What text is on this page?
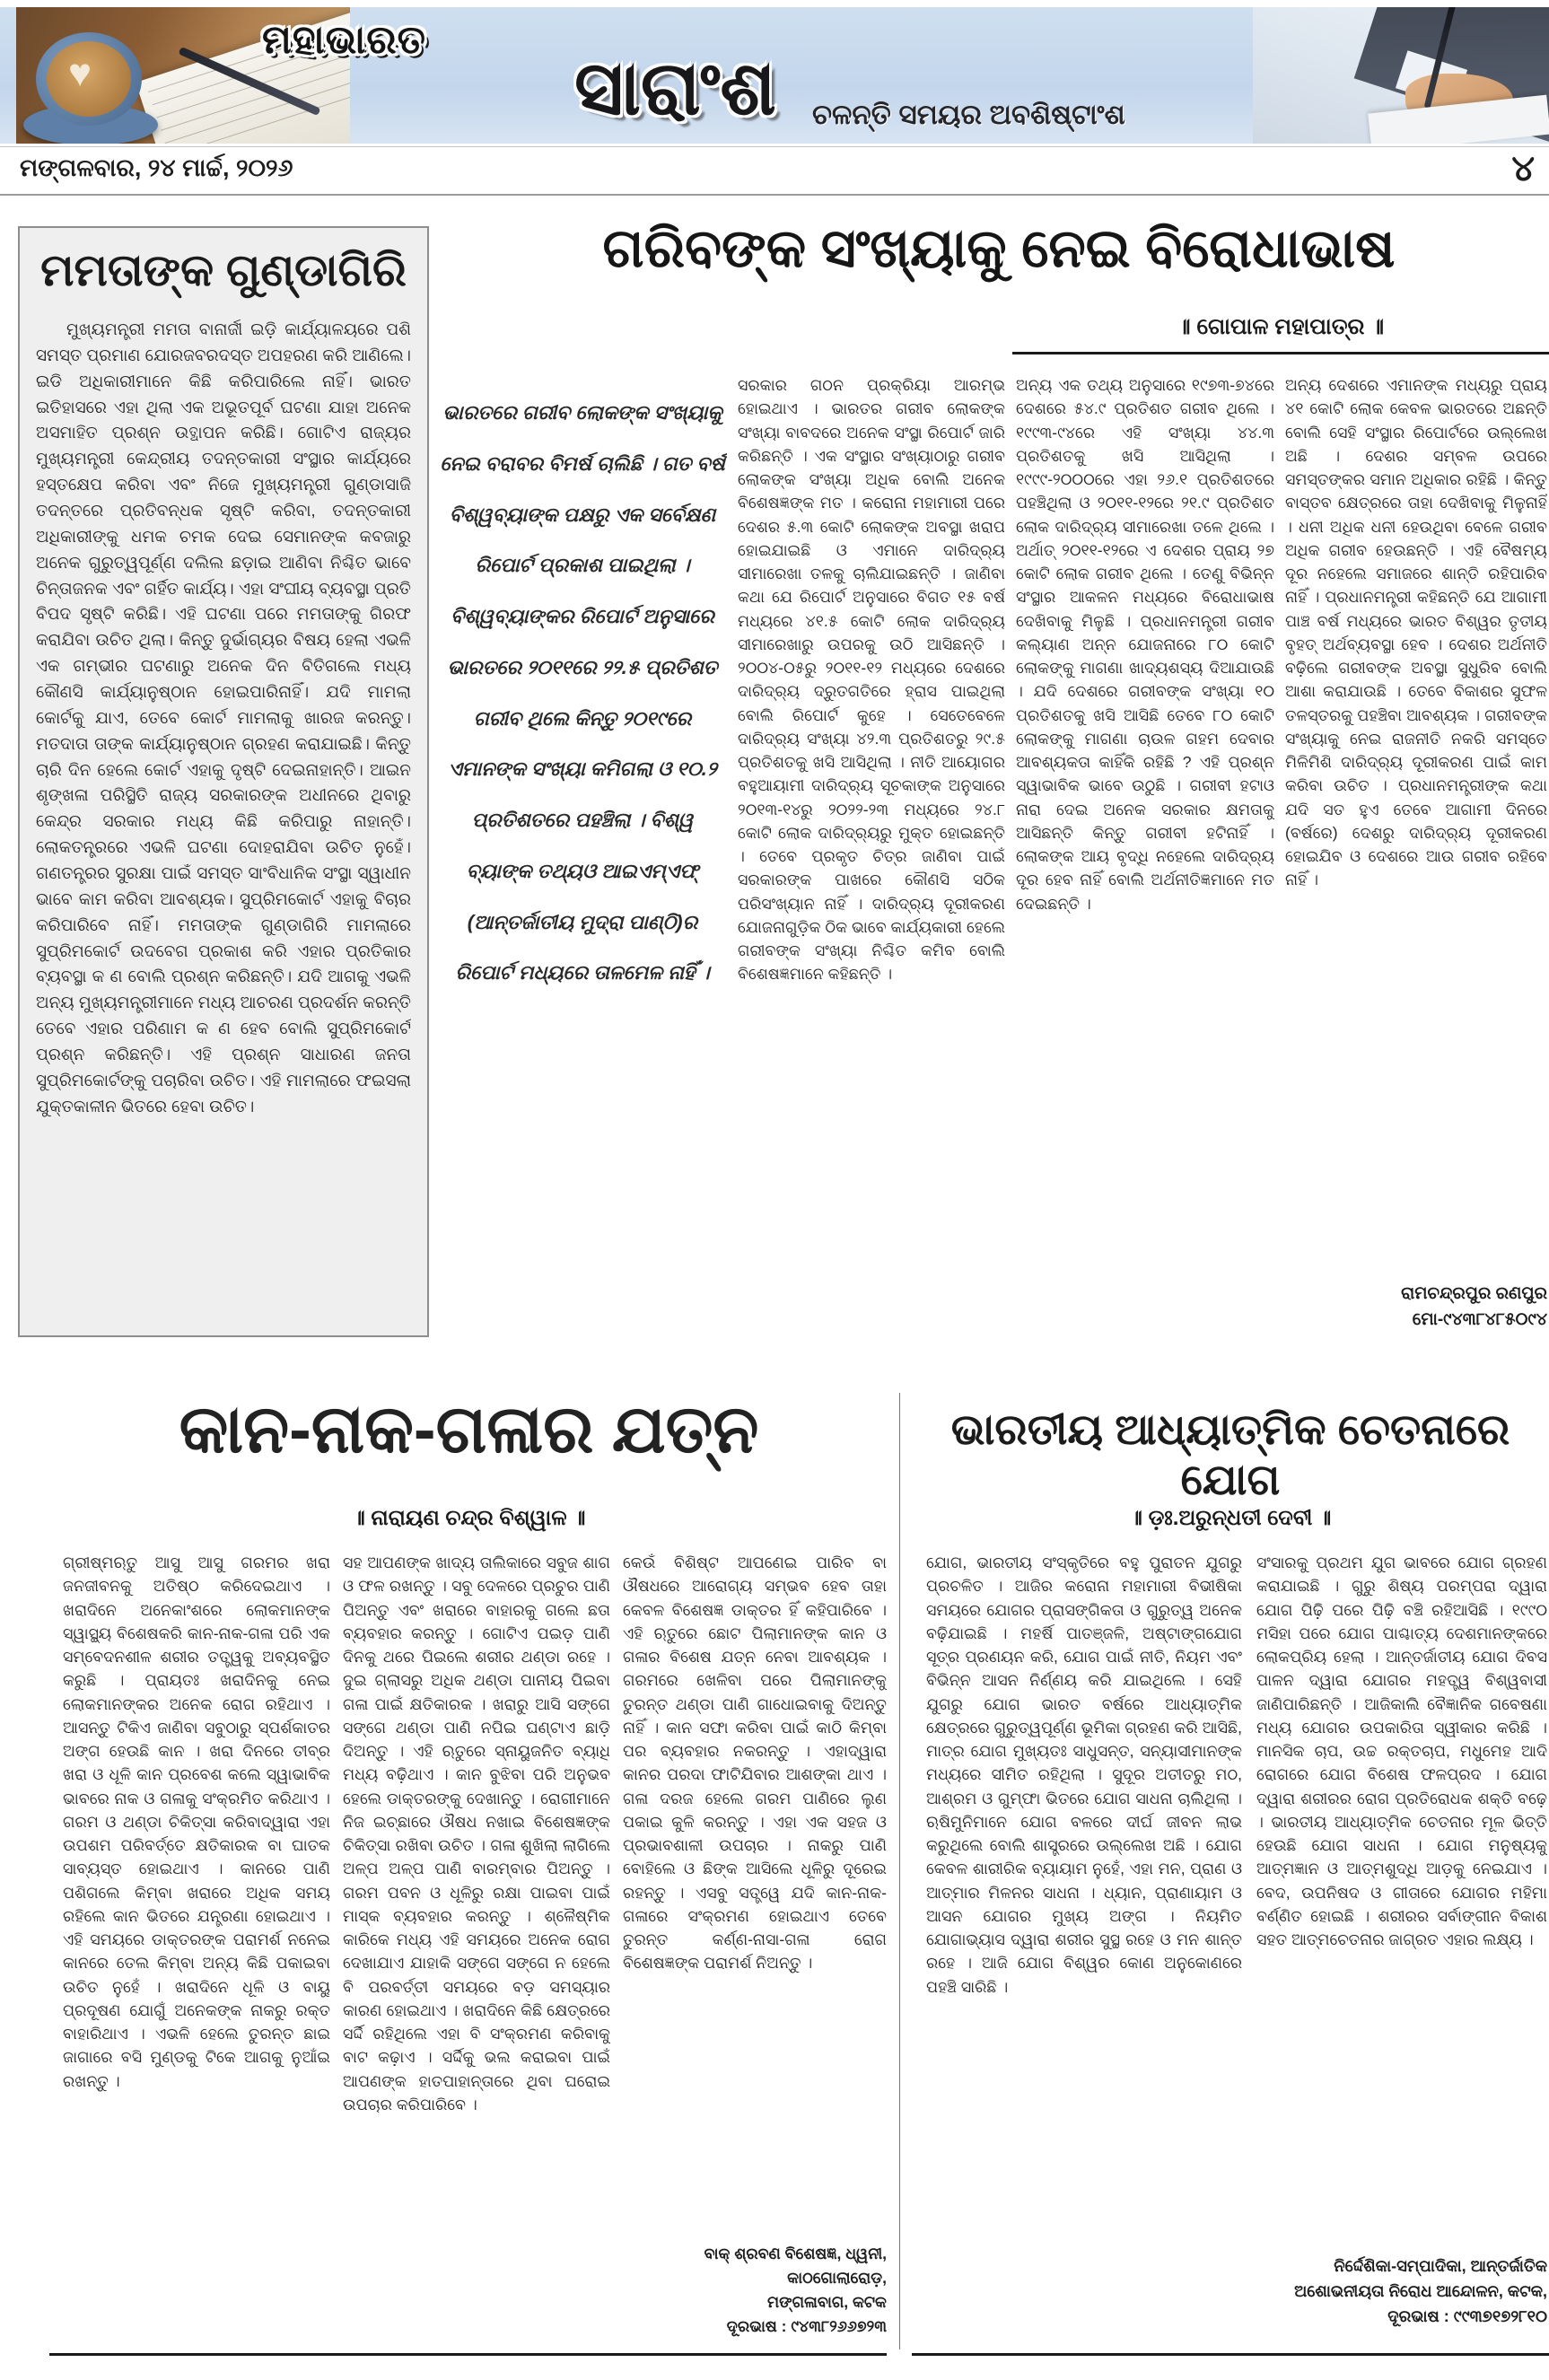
♥
ମହାଭାରତ
ସାରାଂଶ ଚଳନ୍ତି ସମୟର ଅବଶିଷ୍ଟାଂଶ
ମଙ୍ଗଳବାର, ୨୪ ମାର୍ଚ୍ଚ, ୨୦୨୬	୪
ମମତାଙ୍କ ଗୁଣ୍ଡାଗିରି
ମୁଖ୍ୟମନ୍ତ୍ରୀ ମମତା ବାନାର୍ଜୀ ଇଡ଼ି କାର୍ଯ୍ୟାଳୟରେ ପଶି ସମସ୍ତ ପ୍ରମାଣ ଯୋରଜବରଦସ୍ତ ଅପହରଣ କରି ଆଣିଲେ। ଇଡି ଅଧିକାରୀମାନେ କିଛି କରିପାରିଲେ ନାହିଁ। ଭାରତ ଇତିହାସରେ ଏହା ଥିଲା ଏକ ଅଭୂତପୂର୍ବ ଘଟଣା ଯାହା ଅନେକ ଅସମାହିତ ପ୍ରଶ୍ନ ଉତ୍ଥାପନ କରିଛି। ଗୋଟିଏ ରାଜ୍ୟର ମୁଖ୍ୟମନ୍ତ୍ରୀ କେନ୍ଦ୍ରୀୟ ତଦନ୍ତକାରୀ ସଂସ୍ଥାର କାର୍ଯ୍ୟରେ ହସ୍ତକ୍ଷେପ କରିବା ଏବଂ ନିଜେ ମୁଖ୍ୟମନ୍ତ୍ରୀ ଗୁଣ୍ଡାସାଜି ତଦନ୍ତରେ ପ୍ରତିବନ୍ଧକ ସୃଷ୍ଟି କରିବା, ତଦନ୍ତକାରୀ ଅଧିକାରୀଙ୍କୁ ଧମକ ଚମକ ଦେଇ ସେମାନଙ୍କ କବଜାରୁ ଅନେକ ଗୁରୁତ୍ୱପୂର୍ଣ୍ଣ ଦଲିଲ ଛଡ଼ାଇ ଆଣିବା ନିଶ୍ଚିତ ଭାବେ ଚିନ୍ତାଜନକ ଏବଂ ଗର୍ହିତ କାର୍ଯ୍ୟ। ଏହା ସଂଘୀୟ ବ୍ୟବସ୍ଥା ପ୍ରତି ବିପଦ ସୃଷ୍ଟି କରିଛି। ଏହି ଘଟଣା ପରେ ମମତାଙ୍କୁ ଗିରଫ କରାଯିବା ଉଚିତ ଥିଲା। କିନ୍ତୁ ଦୁର୍ଭାଗ୍ୟର ବିଷୟ ହେଲା ଏଭଳି ଏକ ଗମ୍ଭୀର ଘଟଣାରୁ ଅନେକ ଦିନ ବିତିଗଲେ ମଧ୍ୟ କୌଣସି କାର୍ଯ୍ୟାନୁଷ୍ଠାନ ହୋଇପାରିନାହିଁ। ଯଦି ମାମଲା କୋର୍ଟକୁ ଯାଏ, ତେବେ କୋର୍ଟ ମାମଲାକୁ ଖାରଜ କରନ୍ତୁ। ମତଦାତା ତାଙ୍କ କାର୍ଯ୍ୟାନୁଷ୍ଠାନ ଗ୍ରହଣ କରାଯାଇଛି। କିନ୍ତୁ ଚାରି ଦିନ ହେଲେ କୋର୍ଟ ଏହାକୁ ଦୃଷ୍ଟି ଦେଇନାହାନ୍ତି। ଆଇନ ଶୃଙ୍ଖଳା ପରିସ୍ଥିତି ରାଜ୍ୟ ସରକାରଙ୍କ ଅଧୀନରେ ଥିବାରୁ କେନ୍ଦ୍ର ସରକାର ମଧ୍ୟ କିଛି କରିପାରୁ ନାହାନ୍ତି। ଲୋକତନ୍ତ୍ରରେ ଏଭଳି ଘଟଣା ଦୋହରାଯିବା ଉଚିତ ନୁହେଁ। ଗଣତନ୍ତ୍ରର ସୁରକ୍ଷା ପାଇଁ ସମସ୍ତ ସାଂବିଧାନିକ ସଂସ୍ଥା ସ୍ୱାଧୀନ ଭାବେ କାମ କରିବା ଆବଶ୍ୟକ। ସୁପ୍ରିମକୋର୍ଟ ଏହାକୁ ବିଚାର କରିପାରିବେ ନାହିଁ। ମମତାଙ୍କ ଗୁଣ୍ଡାଗିରି ମାମଲାରେ ସୁପ୍ରିମକୋର୍ଟ ଉଦବେଗ ପ୍ରକାଶ କରି ଏହାର ପ୍ରତିକାର ବ୍ୟବସ୍ଥା କ ଣ ବୋଲି ପ୍ରଶ୍ନ କରିଛନ୍ତି। ଯଦି ଆଗକୁ ଏଭଳି ଅନ୍ୟ ମୁଖ୍ୟମନ୍ତ୍ରୀମାନେ ମଧ୍ୟ ଆଚରଣ ପ୍ରଦର୍ଶନ କରନ୍ତି ତେବେ ଏହାର ପରିଣାମ କ ଣ ହେବ ବୋଲି ସୁପ୍ରିମକୋର୍ଟ ପ୍ରଶ୍ନ କରିଛନ୍ତି। ଏହି ପ୍ରଶ୍ନ ସାଧାରଣ ଜନତା ସୁପ୍ରିମକୋର୍ଟଙ୍କୁ ପଚାରିବା ଉଚିତ। ଏହି ମାମଲାରେ ଫଇସଲା ଯୁକ୍ତକାଳୀନ ଭିତରେ ହେବା ଉଚିତ।
ଗରିବଙ୍କ ସଂଖ୍ୟାକୁ ନେଇ ବିରୋଧାଭାଷ
॥ ଗୋପାଳ ମହାପାତ୍ର ॥
ଭାରତରେ ଗରୀବ ଲୋକଙ୍କ ସଂଖ୍ୟାକୁ ନେଇ ବରାବର ବିମର୍ଷ ଚାଲିଛି । ଗତ ବର୍ଷ ବିଶ୍ୱବ୍ୟାଙ୍କ ପକ୍ଷରୁ ଏକ ସର୍ବେକ୍ଷଣ ରିପୋର୍ଟ ପ୍ରକାଶ ପାଇଥିଲା । ବିଶ୍ୱବ୍ୟାଙ୍କର ରିପୋର୍ଟ ଅନୁସାରେ ଭାରତରେ ୨୦୧୧ରେ ୨୨.୫ ପ୍ରତିଶତ ଗରୀବ ଥିଲେ କିନ୍ତୁ ୨୦୧୯ରେ ଏମାନଙ୍କ ସଂଖ୍ୟା କମିଗଲା ଓ ୧୦.୨ ପ୍ରତିଶତରେ ପହଞ୍ଚିଲା । ବିଶ୍ୱ ବ୍ୟାଙ୍କ ତଥ୍ୟଓ ଆଇଏମ୍ଏଫ୍ (ଆନ୍ତର୍ଜାତୀୟ ମୁଦ୍ରା ପାଣ୍ଠି)ର ରିପୋର୍ଟ ମଧ୍ୟରେ ତାଳମେଳ ନାହିଁ ।
ସରକାର ଗଠନ ପ୍ରକ୍ରିୟା ଆରମ୍ଭ ହୋଇଥାଏ । ଭାରତର ଗରୀବ ଲୋକଙ୍କ ସଂଖ୍ୟା ବାବଦରେ ଅନେକ ସଂସ୍ଥା ରିପୋର୍ଟ ଜାରି କରିଛନ୍ତି । ଏକ ସଂସ୍ଥାର ସଂଖ୍ୟାଠାରୁ ଗରୀବ ଲୋକଙ୍କ ସଂଖ୍ୟା ଅଧିକ ବୋଲି ଅନେକ ବିଶେଷଜ୍ଞଙ୍କ ମତ । କରୋନା ମହାମାରୀ ପରେ ଦେଶର ୫.୩ କୋଟି ଲୋକଙ୍କ ଅବସ୍ଥା ଖରାପ ହୋଇଯାଇଛି ଓ ଏମାନେ ଦାରିଦ୍ର୍ୟ ସୀମାରେଖା ତଳକୁ ଚାଲିଯାଇଛନ୍ତି । ଜାଣିବା କଥା ଯେ ରିପୋର୍ଟ ଅନୁସାରେ ବିଗତ ୧୫ ବର୍ଷ ମଧ୍ୟରେ ୪୧.୫ କୋଟି ଲୋକ ଦାରିଦ୍ର୍ୟ ସୀମାରେଖାରୁ ଉପରକୁ ଉଠି ଆସିଛନ୍ତି । ୨୦୦୪-୦୫ରୁ ୨୦୧୧-୧୨ ମଧ୍ୟରେ ଦେଶରେ ଦାରିଦ୍ର୍ୟ ଦ୍ରୁତଗତିରେ ହ୍ରାସ ପାଇଥିଲା ବୋଲି ରିପୋର୍ଟ କୁହେ । ସେତେବେଳେ ଦାରିଦ୍ର୍ୟ ସଂଖ୍ୟା ୪୨.୩ ପ୍ରତିଶତରୁ ୨୯.୫ ପ୍ରତିଶତକୁ ଖସି ଆସିଥିଲା । ନୀତି ଆୟୋଗର ବହୁଆୟାମୀ ଦାରିଦ୍ର୍ୟ ସୂଚକାଙ୍କ ଅନୁସାରେ ୨୦୧୩-୧୪ରୁ ୨୦୨୨-୨୩ ମଧ୍ୟରେ ୨୪.୮ କୋଟି ଲୋକ ଦାରିଦ୍ର୍ୟରୁ ମୁକ୍ତ ହୋଇଛନ୍ତି । ତେବେ ପ୍ରକୃତ ଚିତ୍ର ଜାଣିବା ପାଇଁ ସରକାରଙ୍କ ପାଖରେ କୌଣସି ସଠିକ ପରିସଂଖ୍ୟାନ ନାହିଁ । ଦାରିଦ୍ର୍ୟ ଦୂରୀକରଣ ଯୋଜନାଗୁଡ଼ିକ ଠିକ ଭାବେ କାର୍ଯ୍ୟକାରୀ ହେଲେ ଗରୀବଙ୍କ ସଂଖ୍ୟା ନିଶ୍ଚିତ କମିବ ବୋଲି ବିଶେଷଜ୍ଞମାନେ କହିଛନ୍ତି ।
ଅନ୍ୟ ଏକ ତଥ୍ୟ ଅନୁସାରେ ୧୯୭୩-୭୪ରେ ଦେଶରେ ୫୪.୯ ପ୍ରତିଶତ ଗରୀବ ଥିଲେ । ୧୯୯୩-୯୪ରେ ଏହି ସଂଖ୍ୟା ୪୪.୩ ପ୍ରତିଶତକୁ ଖସି ଆସିଥିଲା । ୧୯୯୯-୨୦୦୦ରେ ଏହା ୨୬.୧ ପ୍ରତିଶତରେ ପହଞ୍ଚିଥିଲା ଓ ୨୦୧୧-୧୨ରେ ୨୧.୯ ପ୍ରତିଶତ ଲୋକ ଦାରିଦ୍ର୍ୟ ସୀମାରେଖା ତଳେ ଥିଲେ । ଅର୍ଥାତ୍ ୨୦୧୧-୧୨ରେ ଏ ଦେଶର ପ୍ରାୟ ୨୭ କୋଟି ଲୋକ ଗରୀବ ଥିଲେ । ତେଣୁ ବିଭିନ୍ନ ସଂସ୍ଥାର ଆକଳନ ମଧ୍ୟରେ ବିରୋଧାଭାଷ ଦେଖିବାକୁ ମିଳୁଛି । ପ୍ରଧାନମନ୍ତ୍ରୀ ଗରୀବ କଲ୍ୟାଣ ଅନ୍ନ ଯୋଜନାରେ ୮୦ କୋଟି ଲୋକଙ୍କୁ ମାଗଣା ଖାଦ୍ୟଶସ୍ୟ ଦିଆଯାଉଛି । ଯଦି ଦେଶରେ ଗରୀବଙ୍କ ସଂଖ୍ୟା ୧୦ ପ୍ରତିଶତକୁ ଖସି ଆସିଛି ତେବେ ୮୦ କୋଟି ଲୋକଙ୍କୁ ମାଗଣା ଚାଉଳ ଗହମ ଦେବାର ଆବଶ୍ୟକତା କାହିଁକି ରହିଛି ? ଏହି ପ୍ରଶ୍ନ ସ୍ୱାଭାବିକ ଭାବେ ଉଠୁଛି । ଗରୀବୀ ହଟାଓ ନାରା ଦେଇ ଅନେକ ସରକାର କ୍ଷମତାକୁ ଆସିଛନ୍ତି କିନ୍ତୁ ଗରୀବୀ ହଟିନାହିଁ । ଲୋକଙ୍କ ଆୟ ବୃଦ୍ଧି ନହେଲେ ଦାରିଦ୍ର୍ୟ ଦୂର ହେବ ନାହିଁ ବୋଲି ଅର୍ଥନୀତିଜ୍ଞମାନେ ମତ ଦେଇଛନ୍ତି ।
ଅନ୍ୟ ଦେଶରେ ଏମାନଙ୍କ ମଧ୍ୟରୁ ପ୍ରାୟ ୪୧ କୋଟି ଲୋକ କେବଳ ଭାରତରେ ଅଛନ୍ତି ବୋଲି ସେହି ସଂସ୍ଥାର ରିପୋର୍ଟରେ ଉଲ୍ଲେଖ ଅଛି । ଦେଶର ସମ୍ବଳ ଉପରେ ସମସ୍ତଙ୍କର ସମାନ ଅଧିକାର ରହିଛି । କିନ୍ତୁ ବାସ୍ତବ କ୍ଷେତ୍ରରେ ତାହା ଦେଖିବାକୁ ମିଳୁନାହିଁ । ଧନୀ ଅଧିକ ଧନୀ ହେଉଥିବା ବେଳେ ଗରୀବ ଅଧିକ ଗରୀବ ହେଉଛନ୍ତି । ଏହି ବୈଷମ୍ୟ ଦୂର ନହେଲେ ସମାଜରେ ଶାନ୍ତି ରହିପାରିବ ନାହିଁ । ପ୍ରଧାନମନ୍ତ୍ରୀ କହିଛନ୍ତି ଯେ ଆଗାମୀ ପାଞ୍ଚ ବର୍ଷ ମଧ୍ୟରେ ଭାରତ ବିଶ୍ୱର ତୃତୀୟ ବୃହତ୍ ଅର୍ଥବ୍ୟବସ୍ଥା ହେବ । ଦେଶର ଅର୍ଥନୀତି ବଢ଼ିଲେ ଗରୀବଙ୍କ ଅବସ୍ଥା ସୁଧୁରିବ ବୋଲି ଆଶା କରାଯାଉଛି । ତେବେ ବିକାଶର ସୁଫଳ ତଳସ୍ତରକୁ ପହଞ୍ଚିବା ଆବଶ୍ୟକ । ଗରୀବଙ୍କ ସଂଖ୍ୟାକୁ ନେଇ ରାଜନୀତି ନକରି ସମସ୍ତେ ମିଳିମିଶି ଦାରିଦ୍ର୍ୟ ଦୂରୀକରଣ ପାଇଁ କାମ କରିବା ଉଚିତ । ପ୍ରଧାନମନ୍ତ୍ରୀଙ୍କ କଥା ଯଦି ସତ ହୁଏ ତେବେ ଆଗାମୀ ଦିନରେ (ବର୍ଷରେ) ଦେଶରୁ ଦାରିଦ୍ର୍ୟ ଦୂରୀକରଣ ହୋଇଯିବ ଓ ଦେଶରେ ଆଉ ଗରୀବ ରହିବେ ନାହିଁ ।
ରାମଚନ୍ଦ୍ରପୁର ରଣପୁର
ମୋ-୯୪୩୮୪୮୫୦୯୪
କାନ-ନାକ-ଗଳାର ଯତ୍ନ
॥ ନାରାୟଣ ଚନ୍ଦ୍ର ବିଶ୍ୱାଳ ॥
ଗ୍ରୀଷ୍ମଋତୁ ଆସୁ ଆସୁ ଗରମର ଖରା ଜନଜୀବନକୁ ଅତିଷ୍ଠ କରିଦେଇଥାଏ । ଖରାଦିନେ ଅନେକାଂଶରେ ଲୋକମାନଙ୍କ ସ୍ୱାସ୍ଥ୍ୟ ବିଶେଷକରି କାନ-ନାକ-ଗଳା ପରି ଏକ ସମ୍ବେଦନଶୀଳ ଶରୀର ତତ୍ତ୍ୱକୁ ଅବ୍ୟବସ୍ଥିତ କରୁଛି । ପ୍ରାୟତଃ ଖରାଦିନକୁ ନେଇ ଲୋକମାନଙ୍କର ଅନେକ ରୋଗ ରହିଥାଏ । ଆସନ୍ତୁ ଟିକିଏ ଜାଣିବା ସବୁଠାରୁ ସ୍ପର୍ଶକାତର ଅଙ୍ଗ ହେଉଛି କାନ । ଖରା ଦିନରେ ତୀବ୍ର ଖରା ଓ ଧୂଳି କାନ ପ୍ରବେଶ କଲେ ସ୍ୱାଭାବିକ ଭାବରେ ନାକ ଓ ଗଳାକୁ ସଂକ୍ରମିତ କରିଥାଏ । ଗରମ ଓ ଥଣ୍ଡା ଚିକିତ୍ସା କରିବାଦ୍ୱାରା ଏହା ଉପଶମ ପରିବର୍ତ୍ତେ କ୍ଷତିକାରକ ବା ଘାତକ ସାବ୍ୟସ୍ତ ହୋଇଥାଏ । କାନରେ ପାଣି ପଶିଗଲେ କିମ୍ବା ଖରାରେ ଅଧିକ ସମୟ ରହିଲେ କାନ ଭିତରେ ଯନ୍ତ୍ରଣା ହୋଇଥାଏ । ଏହି ସମୟରେ ଡାକ୍ତରଙ୍କ ପରାମର୍ଶ ନନେଇ କାନରେ ତେଲ କିମ୍ବା ଅନ୍ୟ କିଛି ପକାଇବା ଉଚିତ ନୁହେଁ । ଖରାଦିନେ ଧୂଳି ଓ ବାୟୁ ପ୍ରଦୂଷଣ ଯୋଗୁଁ ଅନେକଙ୍କ ନାକରୁ ରକ୍ତ ବାହାରିଥାଏ । ଏଭଳି ହେଲେ ତୁରନ୍ତ ଛାଇ ଜାଗାରେ ବସି ମୁଣ୍ଡକୁ ଟିକେ ଆଗକୁ ନୁଆଁଇ ରଖନ୍ତୁ ।
ସହ ଆପଣଙ୍କ ଖାଦ୍ୟ ତାଲିକାରେ ସବୁଜ ଶାଗ ଓ ଫଳ ରଖନ୍ତୁ । ସବୁ ଦେଳରେ ପ୍ରଚୁର ପାଣି ପିଅନ୍ତୁ ଏବଂ ଖରାରେ ବାହାରକୁ ଗଲେ ଛତା ବ୍ୟବହାର କରନ୍ତୁ । ଗୋଟିଏ ପଇଡ଼ ପାଣି ଦିନକୁ ଥରେ ପିଇଲେ ଶରୀର ଥଣ୍ଡା ରହେ । ଦୁଇ ଗ୍ଲାସରୁ ଅଧିକ ଥଣ୍ଡା ପାନୀୟ ପିଇବା ଗଳା ପାଇଁ କ୍ଷତିକାରକ । ଖରାରୁ ଆସି ସଙ୍ଗେ ସଙ୍ଗେ ଥଣ୍ଡା ପାଣି ନପିଇ ଘଣ୍ଟାଏ ଛାଡ଼ି ଦିଅନ୍ତୁ । ଏହି ଋତୁରେ ସ୍ନାୟୁଜନିତ ବ୍ୟାଧି ମଧ୍ୟ ବଢ଼ିଥାଏ । କାନ ବୁଝିବା ପରି ଅନୁଭବ ହେଲେ ଡାକ୍ତରଙ୍କୁ ଦେଖାନ୍ତୁ । ରୋଗୀମାନେ ନିଜ ଇଚ୍ଛାରେ ଔଷଧ ନଖାଇ ବିଶେଷଜ୍ଞଙ୍କ ଚିକିତ୍ସା ରଖିବା ଉଚିତ । ଗଳା ଶୁଖିଲା ଲାଗିଲେ ଅଳ୍ପ ଅଳ୍ପ ପାଣି ବାରମ୍ବାର ପିଅନ୍ତୁ । ଗରମ ପବନ ଓ ଧୂଳିରୁ ରକ୍ଷା ପାଇବା ପାଇଁ ମାସ୍କ ବ୍ୟବହାର କରନ୍ତୁ । ଶ୍ଳୈଷ୍ମିକ କାରିକେ ମଧ୍ୟ ଏହି ସମୟରେ ଅନେକ ରୋଗ ଦେଖାଯାଏ ଯାହାକି ସଙ୍ଗେ ସଙ୍ଗେ ନ ହେଲେ ବି ପରବର୍ତ୍ତୀ ସମୟରେ ବଡ଼ ସମସ୍ୟାର କାରଣ ହୋଇଥାଏ । ଖରାଦିନେ କିଛି କ୍ଷେତ୍ରରେ ସର୍ଦ୍ଦି ରହିଥିଲେ ଏହା ବି ସଂକ୍ରମଣ କରିବାକୁ ବାଟ କଢ଼ାଏ । ସର୍ଦ୍ଦିକୁ ଭଲ କରାଇବା ପାଇଁ ଆପଣଙ୍କ ହାତପାହାନ୍ତାରେ ଥିବା ଘରୋଇ ଉପଚାର କରିପାରିବେ ।
କେଉଁ ବିଶିଷ୍ଟ ଆପଣେଇ ପାରିବ ବା ଔଷଧରେ ଆରୋଗ୍ୟ ସମ୍ଭବ ହେବ ତାହା କେବଳ ବିଶେଷଜ୍ଞ ଡାକ୍ତର ହିଁ କହିପାରିବେ । ଏହି ଋତୁରେ ଛୋଟ ପିଲାମାନଙ୍କ କାନ ଓ ଗଳାର ବିଶେଷ ଯତ୍ନ ନେବା ଆବଶ୍ୟକ । ଗରମରେ ଖେଳିବା ପରେ ପିଲାମାନଙ୍କୁ ତୁରନ୍ତ ଥଣ୍ଡା ପାଣି ଗାଧୋଇବାକୁ ଦିଅନ୍ତୁ ନାହିଁ । କାନ ସଫା କରିବା ପାଇଁ କାଠି କିମ୍ବା ପର ବ୍ୟବହାର ନକରନ୍ତୁ । ଏହାଦ୍ୱାରା କାନର ପରଦା ଫାଟିଯିବାର ଆଶଙ୍କା ଥାଏ । ଗଳା ଦରଜ ହେଲେ ଗରମ ପାଣିରେ ଲୁଣ ପକାଇ କୁଳି କରନ୍ତୁ । ଏହା ଏକ ସହଜ ଓ ପ୍ରଭାବଶାଳୀ ଉପଚାର । ନାକରୁ ପାଣି ବୋହିଲେ ଓ ଛିଙ୍କ ଆସିଲେ ଧୂଳିରୁ ଦୂରେଇ ରହନ୍ତୁ । ଏସବୁ ସତ୍ତ୍ୱେ ଯଦି କାନ-ନାକ-ଗଳାରେ ସଂକ୍ରମଣ ହୋଇଥାଏ ତେବେ ତୁରନ୍ତ କର୍ଣ୍ଣ-ନାସା-ଗଳା ରୋଗ ବିଶେଷଜ୍ଞଙ୍କ ପରାମର୍ଶ ନିଅନ୍ତୁ ।
ବାକ୍ ଶ୍ରବଣ ବିଶେଷଜ୍ଞ, ଧ୍ୱନୀ, କାଠଗୋଲାରୋଡ଼,
ମଙ୍ଗଳାବାଗ, କଟକ
ଦୂରଭାଷ : ୯୪୩୮୨୬୬୭୨୩
ଭାରତୀୟ ଆଧ୍ୟାତ୍ମିକ ଚେତନାରେ ଯୋଗ
॥ ଡ଼ଃ.ଅରୁନ୍ଧତୀ ଦେବୀ ॥
ଯୋଗ, ଭାରତୀୟ ସଂସ୍କୃତିରେ ବହୁ ପୁରାତନ ଯୁଗରୁ ପ୍ରଚଳିତ । ଆଜିର କରୋନା ମହାମାରୀ ବିଭୀଷିକା ସମୟରେ ଯୋଗର ପ୍ରାସଙ୍ଗିକତା ଓ ଗୁରୁତ୍ୱ ଅନେକ ବଢ଼ିଯାଇଛି । ମହର୍ଷି ପାତଞ୍ଜଳି, ଅଷ୍ଟାଙ୍ଗଯୋଗ ସୂତ୍ର ପ୍ରଣୟନ କରି, ଯୋଗ ପାଇଁ ନୀତି, ନିୟମ ଏବଂ ବିଭିନ୍ନ ଆସନ ନିର୍ଣ୍ଣୟ କରି ଯାଇଥିଲେ । ସେହି ଯୁଗରୁ ଯୋଗ ଭାରତ ବର୍ଷରେ ଆଧ୍ୟାତ୍ମିକ କ୍ଷେତ୍ରରେ ଗୁରୁତ୍ୱପୂର୍ଣ୍ଣ ଭୂମିକା ଗ୍ରହଣ କରି ଆସିଛି, ମାତ୍ର ଯୋଗ ମୁଖ୍ୟତଃ ସାଧୁସନ୍ତ, ସନ୍ୟାସୀମାନଙ୍କ ମଧ୍ୟରେ ସୀମିତ ରହିଥିଲା । ସୁଦୂର ଅତୀତରୁ ମଠ, ଆଶ୍ରମ ଓ ଗୁମ୍ଫା ଭିତରେ ଯୋଗ ସାଧନା ଚାଲିଥିଲା । ଋଷିମୁନିମାନେ ଯୋଗ ବଳରେ ଦୀର୍ଘ ଜୀବନ ଲାଭ କରୁଥିଲେ ବୋଲି ଶାସ୍ତ୍ରରେ ଉଲ୍ଲେଖ ଅଛି । ଯୋଗ କେବଳ ଶାରୀରିକ ବ୍ୟାୟାମ ନୁହେଁ, ଏହା ମନ, ପ୍ରାଣ ଓ ଆତ୍ମାର ମିଳନର ସାଧନା । ଧ୍ୟାନ, ପ୍ରାଣାୟାମ ଓ ଆସନ ଯୋଗର ମୁଖ୍ୟ ଅଙ୍ଗ । ନିୟମିତ ଯୋଗାଭ୍ୟାସ ଦ୍ୱାରା ଶରୀର ସୁସ୍ଥ ରହେ ଓ ମନ ଶାନ୍ତ ରହେ । ଆଜି ଯୋଗ ବିଶ୍ୱର କୋଣ ଅନୁକୋଣରେ ପହଞ୍ଚି ସାରିଛି ।
ସଂସାରକୁ ପ୍ରଥମ ଯୁଗ ଭାବରେ ଯୋଗ ଗ୍ରହଣ କରାଯାଇଛି । ଗୁରୁ ଶିଷ୍ୟ ପରମ୍ପରା ଦ୍ୱାରା ଯୋଗ ପିଢ଼ି ପରେ ପିଢ଼ି ବଞ୍ଚି ରହିଆସିଛି । ୧୯୯୦ ମସିହା ପରେ ଯୋଗ ପାଶ୍ଚାତ୍ୟ ଦେଶମାନଙ୍କରେ ଲୋକପ୍ରିୟ ହେଲା । ଆନ୍ତର୍ଜାତୀୟ ଯୋଗ ଦିବସ ପାଳନ ଦ୍ୱାରା ଯୋଗର ମହତ୍ତ୍ୱ ବିଶ୍ୱବାସୀ ଜାଣିପାରିଛନ୍ତି । ଆଜିକାଲି ବୈଜ୍ଞାନିକ ଗବେଷଣା ମଧ୍ୟ ଯୋଗର ଉପକାରିତା ସ୍ୱୀକାର କରିଛି । ମାନସିକ ଚାପ, ଉଚ୍ଚ ରକ୍ତଚାପ, ମଧୁମେହ ଆଦି ରୋଗରେ ଯୋଗ ବିଶେଷ ଫଳପ୍ରଦ । ଯୋଗ ଦ୍ୱାରା ଶରୀରର ରୋଗ ପ୍ରତିରୋଧକ ଶକ୍ତି ବଢ଼େ । ଭାରତୀୟ ଆଧ୍ୟାତ୍ମିକ ଚେତନାର ମୂଳ ଭିତ୍ତି ହେଉଛି ଯୋଗ ସାଧନା । ଯୋଗ ମନୁଷ୍ୟକୁ ଆତ୍ମଜ୍ଞାନ ଓ ଆତ୍ମଶୁଦ୍ଧି ଆଡ଼କୁ ନେଇଯାଏ । ବେଦ, ଉପନିଷଦ ଓ ଗୀତାରେ ଯୋଗର ମହିମା ବର୍ଣ୍ଣିତ ହୋଇଛି । ଶରୀରର ସର୍ବାଙ୍ଗୀନ ବିକାଶ ସହତ ଆତ୍ମଚେତନାର ଜାଗ୍ରତ ଏହାର ଲକ୍ଷ୍ୟ ।
ନିର୍ଦ୍ଦେଶିକା-ସମ୍ପାଦିକା, ଆନ୍ତର୍ଜାତିକ
ଅଶୋଭନୀୟତା ନିରୋଧ ଆନ୍ଦୋଳନ, କଟକ,
ଦୂରଭାଷ : ୯୯୩୭୧୭୨୮୧୦
